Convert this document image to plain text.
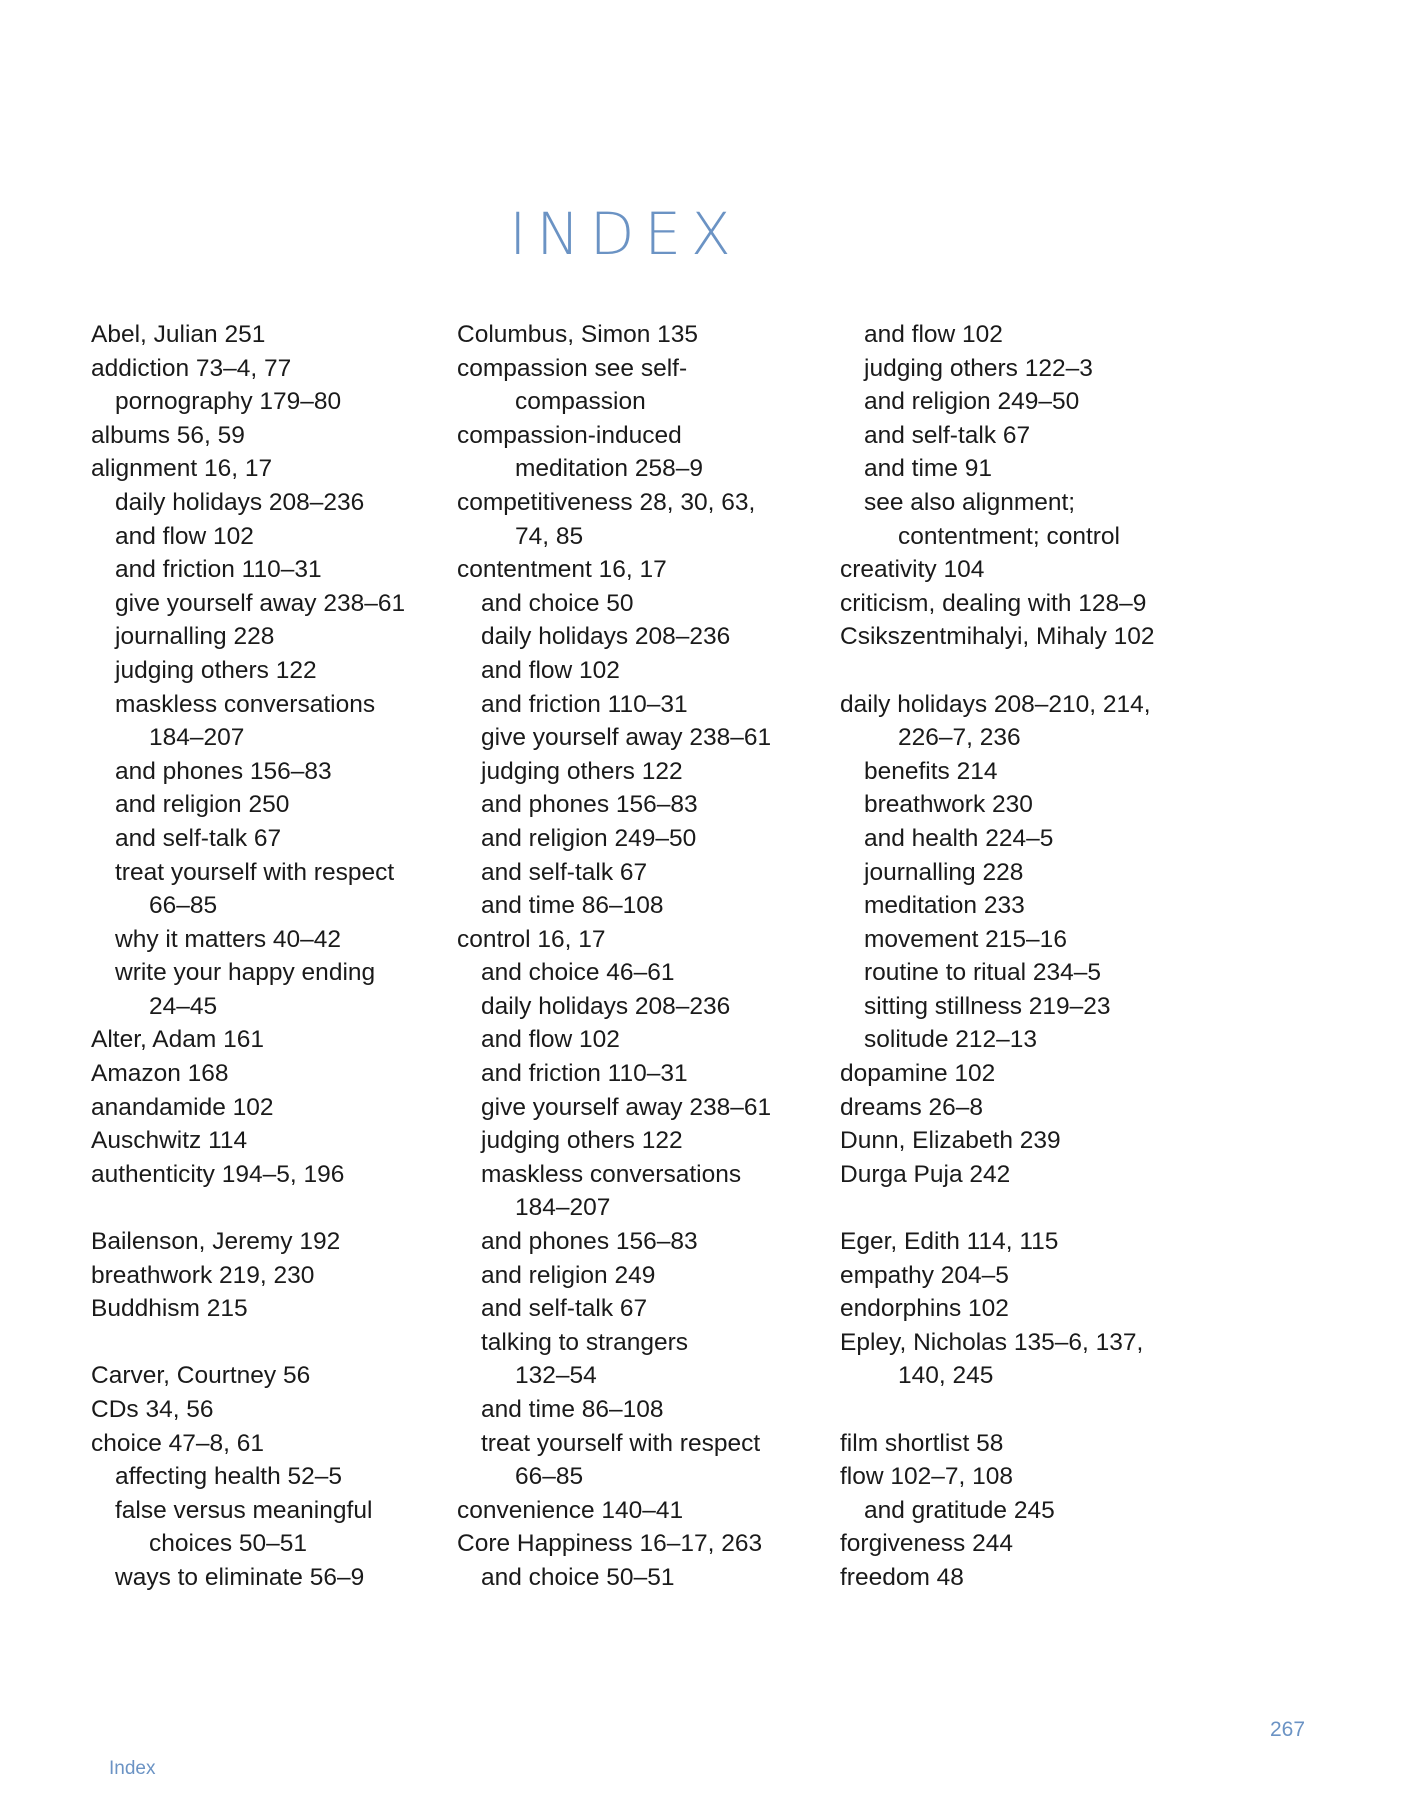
INDEX
Abel, Julian 251
addiction 73–4, 77
pornography 179–80
albums 56, 59
alignment 16, 17
daily holidays 208–236
and flow 102
and friction 110–31
give yourself away 238–61
journalling 228
judging others 122
maskless conversations
184–207
and phones 156–83
and religion 250
and self-talk 67
treat yourself with respect
66–85
why it matters 40–42
write your happy ending
24–45
Alter, Adam 161
Amazon 168
anandamide 102
Auschwitz 114
authenticity 194–5, 196
Bailenson, Jeremy 192
breathwork 219, 230
Buddhism 215
Carver, Courtney 56
CDs 34, 56
choice 47–8, 61
affecting health 52–5
false versus meaningful
choices 50–51
ways to eliminate 56–9
Columbus, Simon 135
compassion see self-
compassion
compassion-induced
meditation 258–9
competitiveness 28, 30, 63,
74, 85
contentment 16, 17
and choice 50
daily holidays 208–236
and flow 102
and friction 110–31
give yourself away 238–61
judging others 122
and phones 156–83
and religion 249–50
and self-talk 67
and time 86–108
control 16, 17
and choice 46–61
daily holidays 208–236
and flow 102
and friction 110–31
give yourself away 238–61
judging others 122
maskless conversations
184–207
and phones 156–83
and religion 249
and self-talk 67
talking to strangers
132–54
and time 86–108
treat yourself with respect
66–85
convenience 140–41
Core Happiness 16–17, 263
and choice 50–51
and flow 102
judging others 122–3
and religion 249–50
and self-talk 67
and time 91
see also alignment;
contentment; control
creativity 104
criticism, dealing with 128–9
Csikszentmihalyi, Mihaly 102
daily holidays 208–210, 214,
226–7, 236
benefits 214
breathwork 230
and health 224–5
journalling 228
meditation 233
movement 215–16
routine to ritual 234–5
sitting stillness 219–23
solitude 212–13
dopamine 102
dreams 26–8
Dunn, Elizabeth 239
Durga Puja 242
Eger, Edith 114, 115
empathy 204–5
endorphins 102
Epley, Nicholas 135–6, 137,
140, 245
film shortlist 58
flow 102–7, 108
and gratitude 245
forgiveness 244
freedom 48
267
Index
